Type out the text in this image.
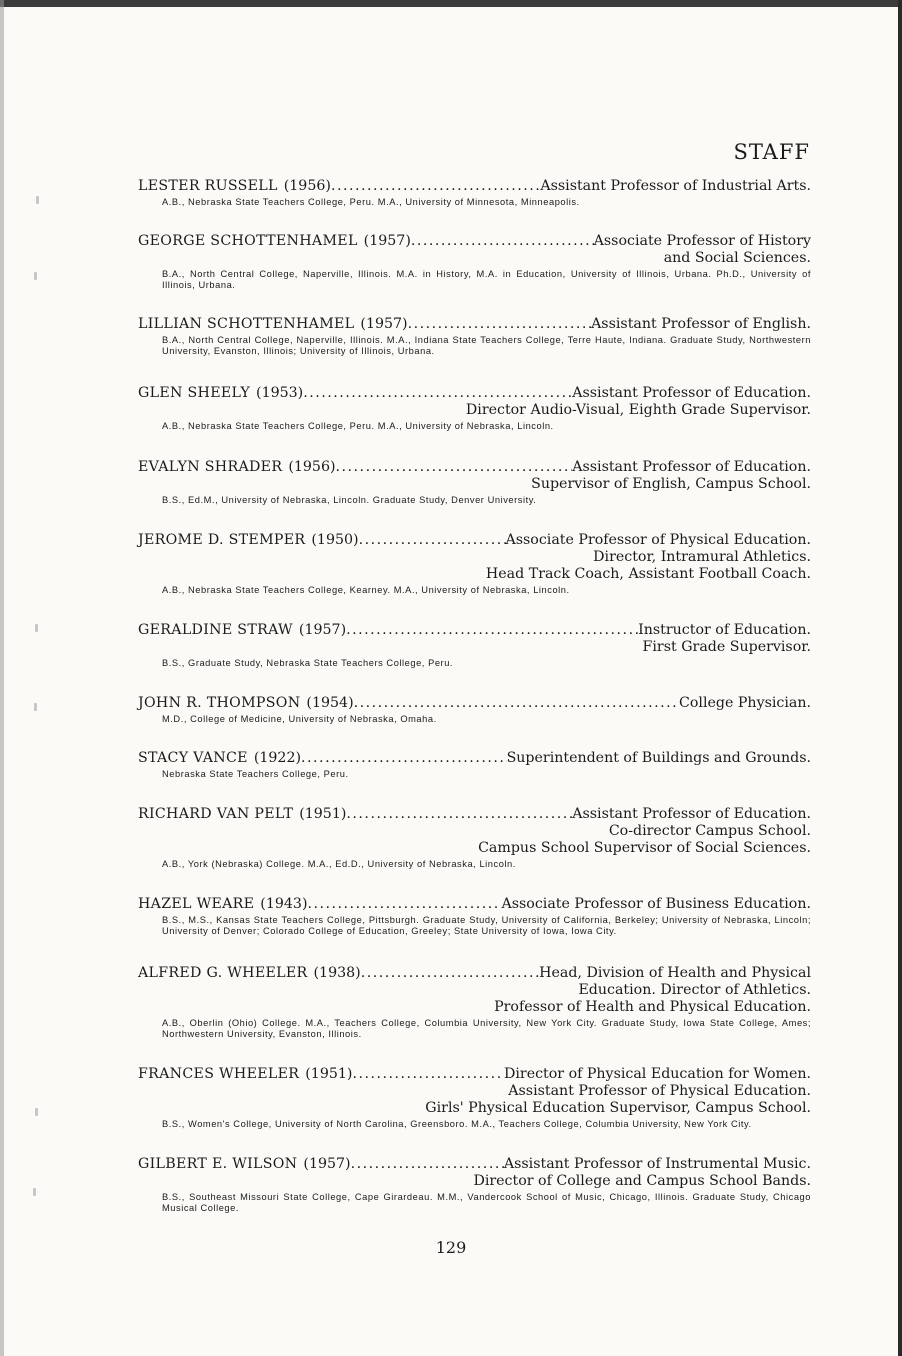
STAFF
LESTER RUSSELL (1956) .....	Assistant Professor of Industrial Arts.
A.B., Nebraska State Teachers College, Peru. M.A., University of Minnesota, Minneapolis.
GEORGE SCHOTTENHAMEL (1957) .....	Associate Professor of History
and Social Sciences.
B.A., North Central College, Naperville, Illinois. M.A. in History, M.A. in Education, University of Illinois, Urbana. Ph.D., University of Illinois, Urbana.
LILLIAN SCHOTTENHAMEL (1957) .....	Assistant Professor of English.
B.A., North Central College, Naperville, Illinois. M.A., Indiana State Teachers College, Terre Haute, Indiana. Graduate Study, Northwestern University, Evanston, Illinois; University of Illinois, Urbana.
GLEN SHEELY (1953) .....	Assistant Professor of Education.
Director Audio-Visual, Eighth Grade Supervisor.
A.B., Nebraska State Teachers College, Peru. M.A., University of Nebraska, Lincoln.
EVALYN SHRADER (1956) .....	Assistant Professor of Education.
Supervisor of English, Campus School.
B.S., Ed.M., University of Nebraska, Lincoln. Graduate Study, Denver University.
JEROME D. STEMPER (1950) .....	Associate Professor of Physical Education.
Director, Intramural Athletics.
Head Track Coach, Assistant Football Coach.
A.B., Nebraska State Teachers College, Kearney. M.A., University of Nebraska, Lincoln.
GERALDINE STRAW (1957) .....	Instructor of Education.
First Grade Supervisor.
B.S., Graduate Study, Nebraska State Teachers College, Peru.
JOHN R. THOMPSON (1954) .....	College Physician.
M.D., College of Medicine, University of Nebraska, Omaha.
STACY VANCE (1922) .....	Superintendent of Buildings and Grounds.
Nebraska State Teachers College, Peru.
RICHARD VAN PELT (1951) .....	Assistant Professor of Education.
Co-director Campus School.
Campus School Supervisor of Social Sciences.
A.B., York (Nebraska) College. M.A., Ed.D., University of Nebraska, Lincoln.
HAZEL WEARE (1943) .....	Associate Professor of Business Education.
B.S., M.S., Kansas State Teachers College, Pittsburgh. Graduate Study, University of California, Berkeley; University of Nebraska, Lincoln; University of Denver; Colorado College of Education, Greeley; State University of Iowa, Iowa City.
ALFRED G. WHEELER (1938) .....	Head, Division of Health and Physical
Education. Director of Athletics.
Professor of Health and Physical Education.
A.B., Oberlin (Ohio) College. M.A., Teachers College, Columbia University, New York City. Graduate Study, Iowa State College, Ames; Northwestern University, Evanston, Illinois.
FRANCES WHEELER (1951) .....	Director of Physical Education for Women.
Assistant Professor of Physical Education.
Girls' Physical Education Supervisor, Campus School.
B.S., Women's College, University of North Carolina, Greensboro. M.A., Teachers College, Columbia University, New York City.
GILBERT E. WILSON (1957) .....	Assistant Professor of Instrumental Music.
Director of College and Campus School Bands.
B.S., Southeast Missouri State College, Cape Girardeau. M.M., Vandercook School of Music, Chicago, Illinois. Graduate Study, Chicago Musical College.
129
